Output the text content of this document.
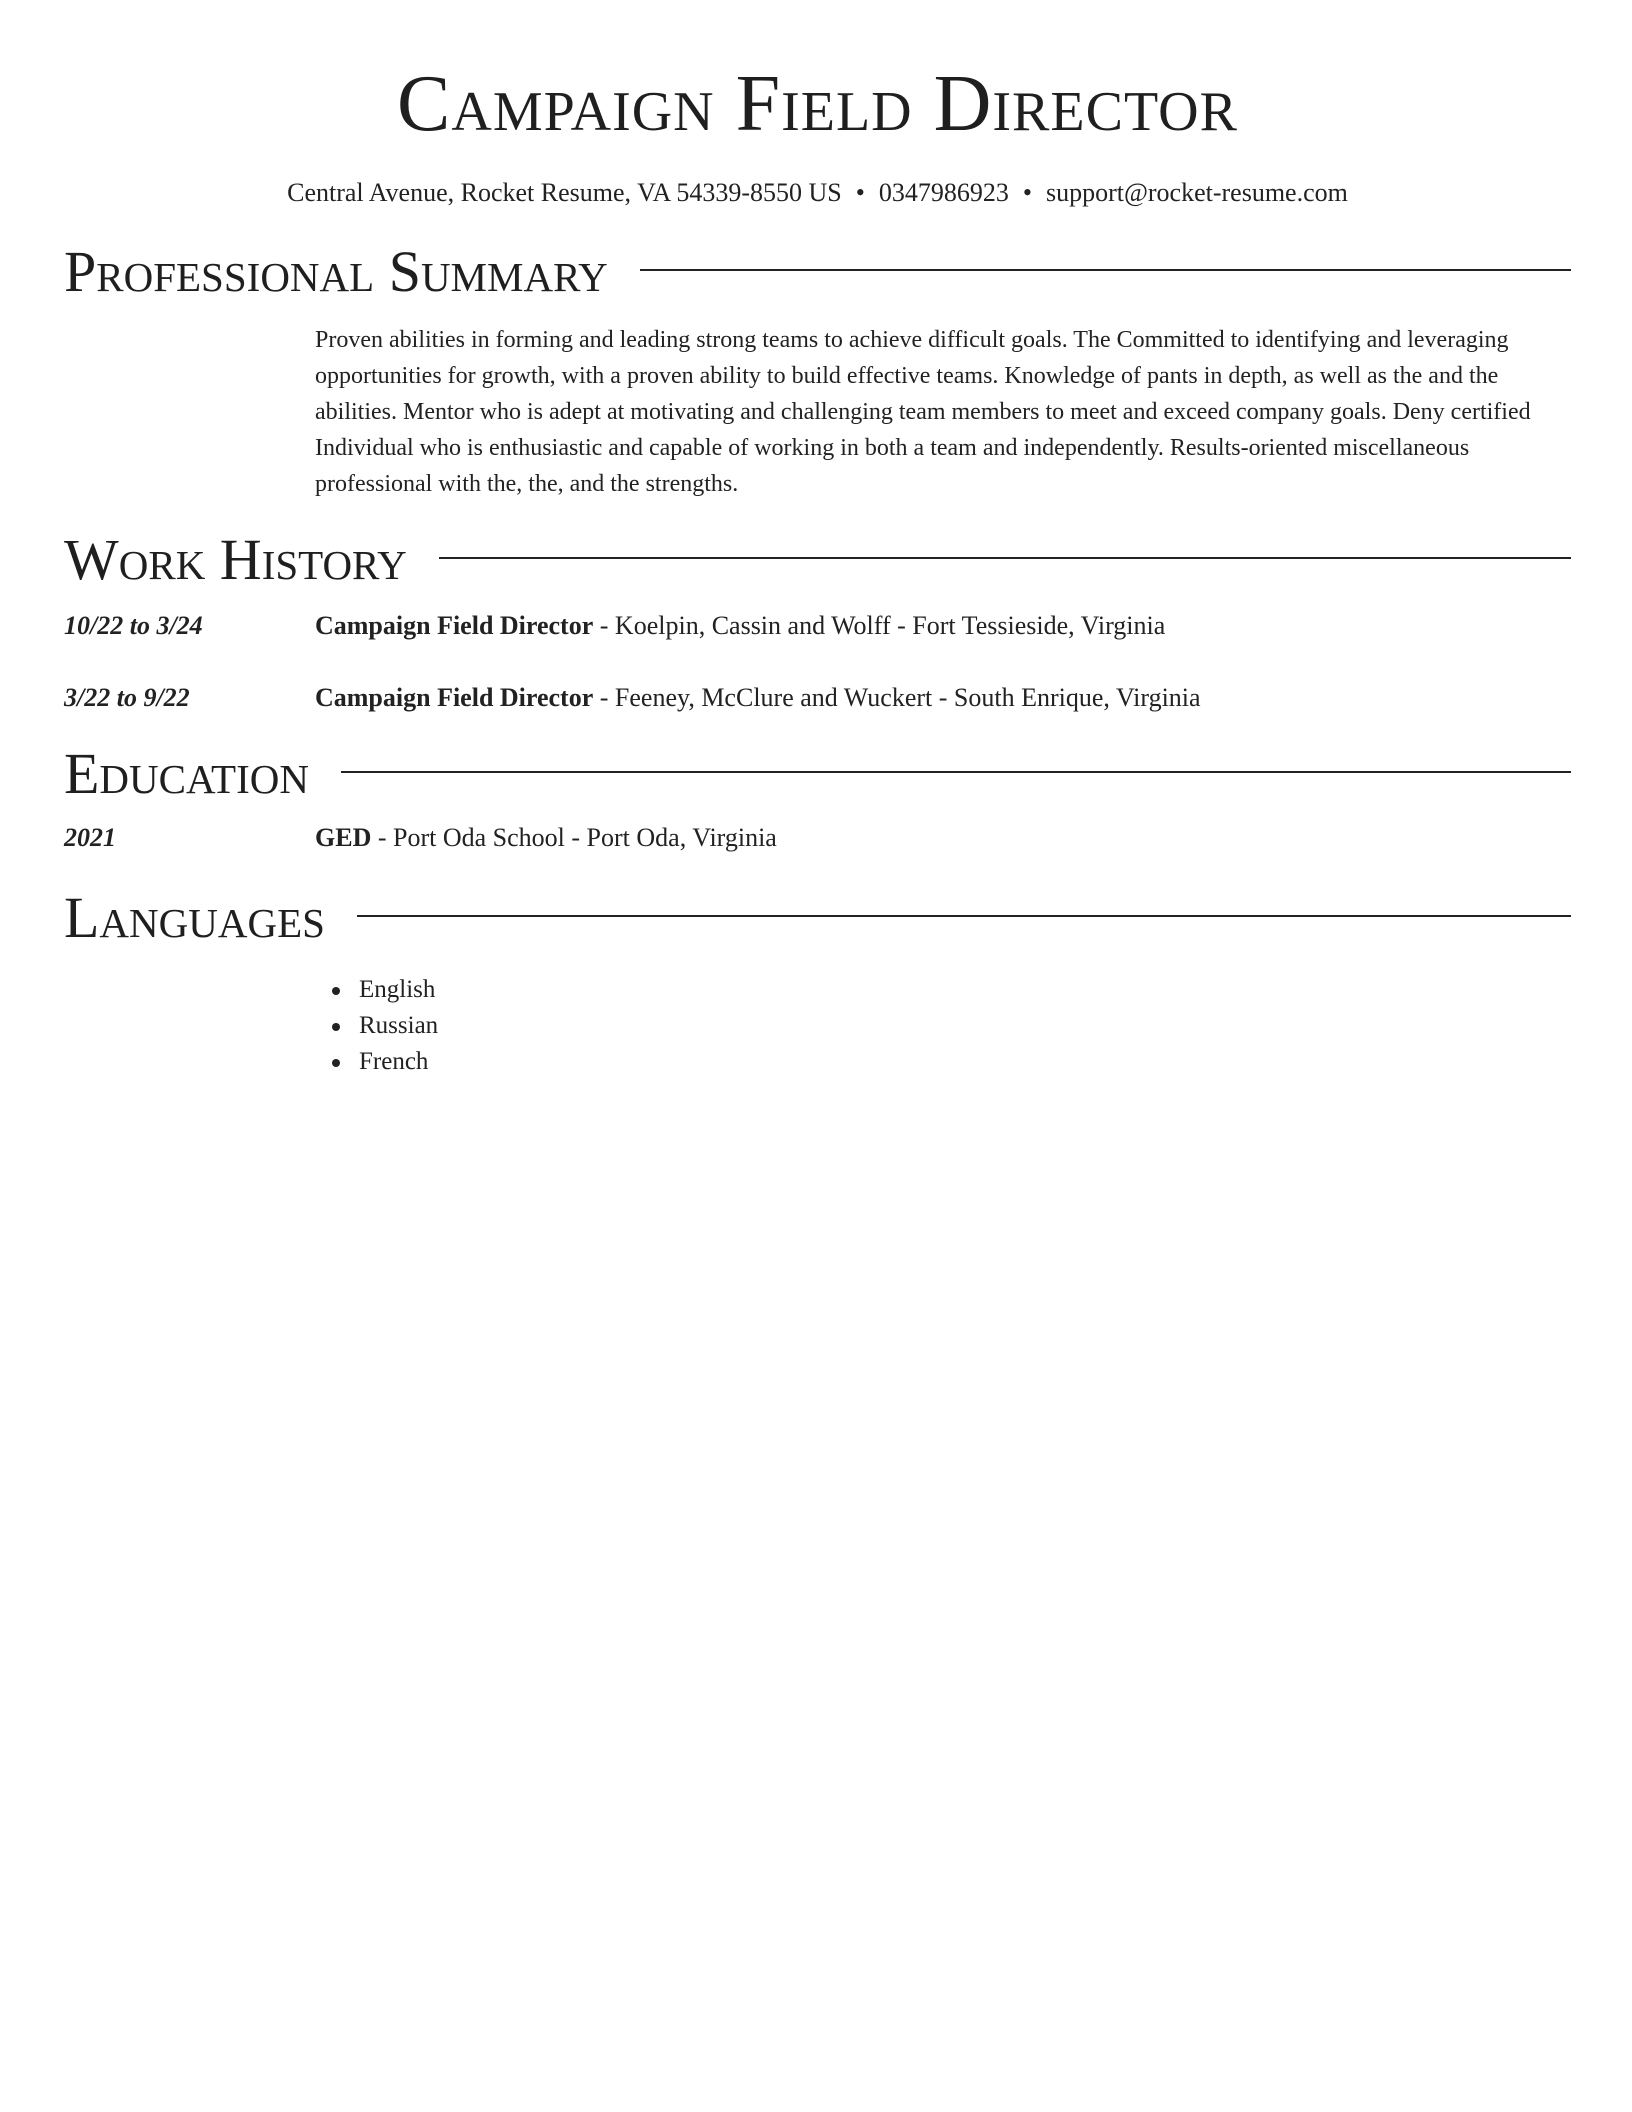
Campaign Field Director
Central Avenue, Rocket Resume, VA 54339-8550 US • 0347986923 • support@rocket-resume.com
Professional Summary
Proven abilities in forming and leading strong teams to achieve difficult goals. The Committed to identifying and leveraging opportunities for growth, with a proven ability to build effective teams. Knowledge of pants in depth, as well as the and the abilities. Mentor who is adept at motivating and challenging team members to meet and exceed company goals. Deny certified Individual who is enthusiastic and capable of working in both a team and independently. Results-oriented miscellaneous professional with the, the, and the strengths.
Work History
10/22 to 3/24	Campaign Field Director - Koelpin, Cassin and Wolff - Fort Tessieside, Virginia
3/22 to 9/22	Campaign Field Director - Feeney, McClure and Wuckert - South Enrique, Virginia
Education
2021	GED - Port Oda School - Port Oda, Virginia
Languages
English
Russian
French
